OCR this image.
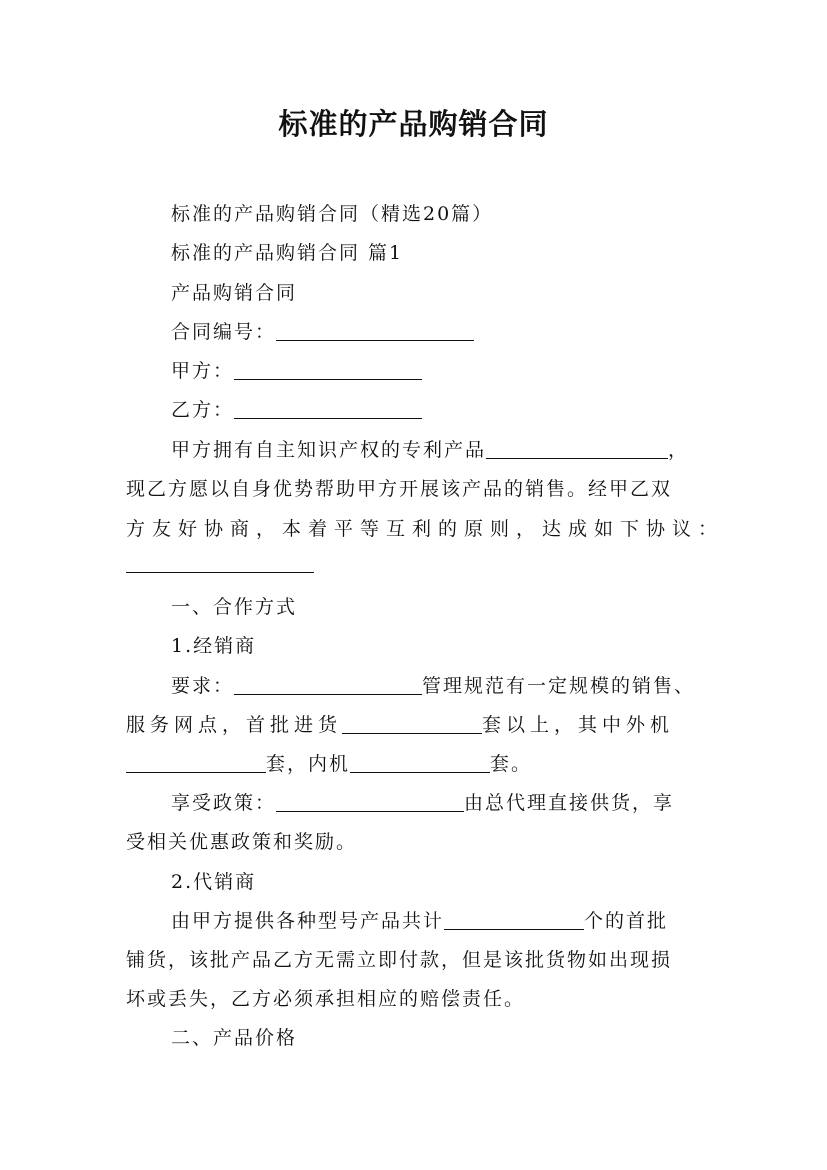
标准的产品购销合同
标准的产品购销合同（精选20篇）
标准的产品购销合同 篇1
产品购销合同
合同编号：
甲方：
乙方：
甲方拥有自主知识产权的专利产品	，
现乙方愿以自身优势帮助甲方开展该产品的销售。经甲乙双
方友好协商，本着平等互利的原则，达成如下协议：
一、合作方式
1.经销商
要求：	管理规范有一定规模的销售、
服务网点，首批进货	套以上，其中外机
套，内机	套。
享受政策：	由总代理直接供货，享
受相关优惠政策和奖励。
2.代销商
由甲方提供各种型号产品共计	个的首批
铺货，该批产品乙方无需立即付款，但是该批货物如出现损
坏或丢失，乙方必须承担相应的赔偿责任。
二、产品价格
